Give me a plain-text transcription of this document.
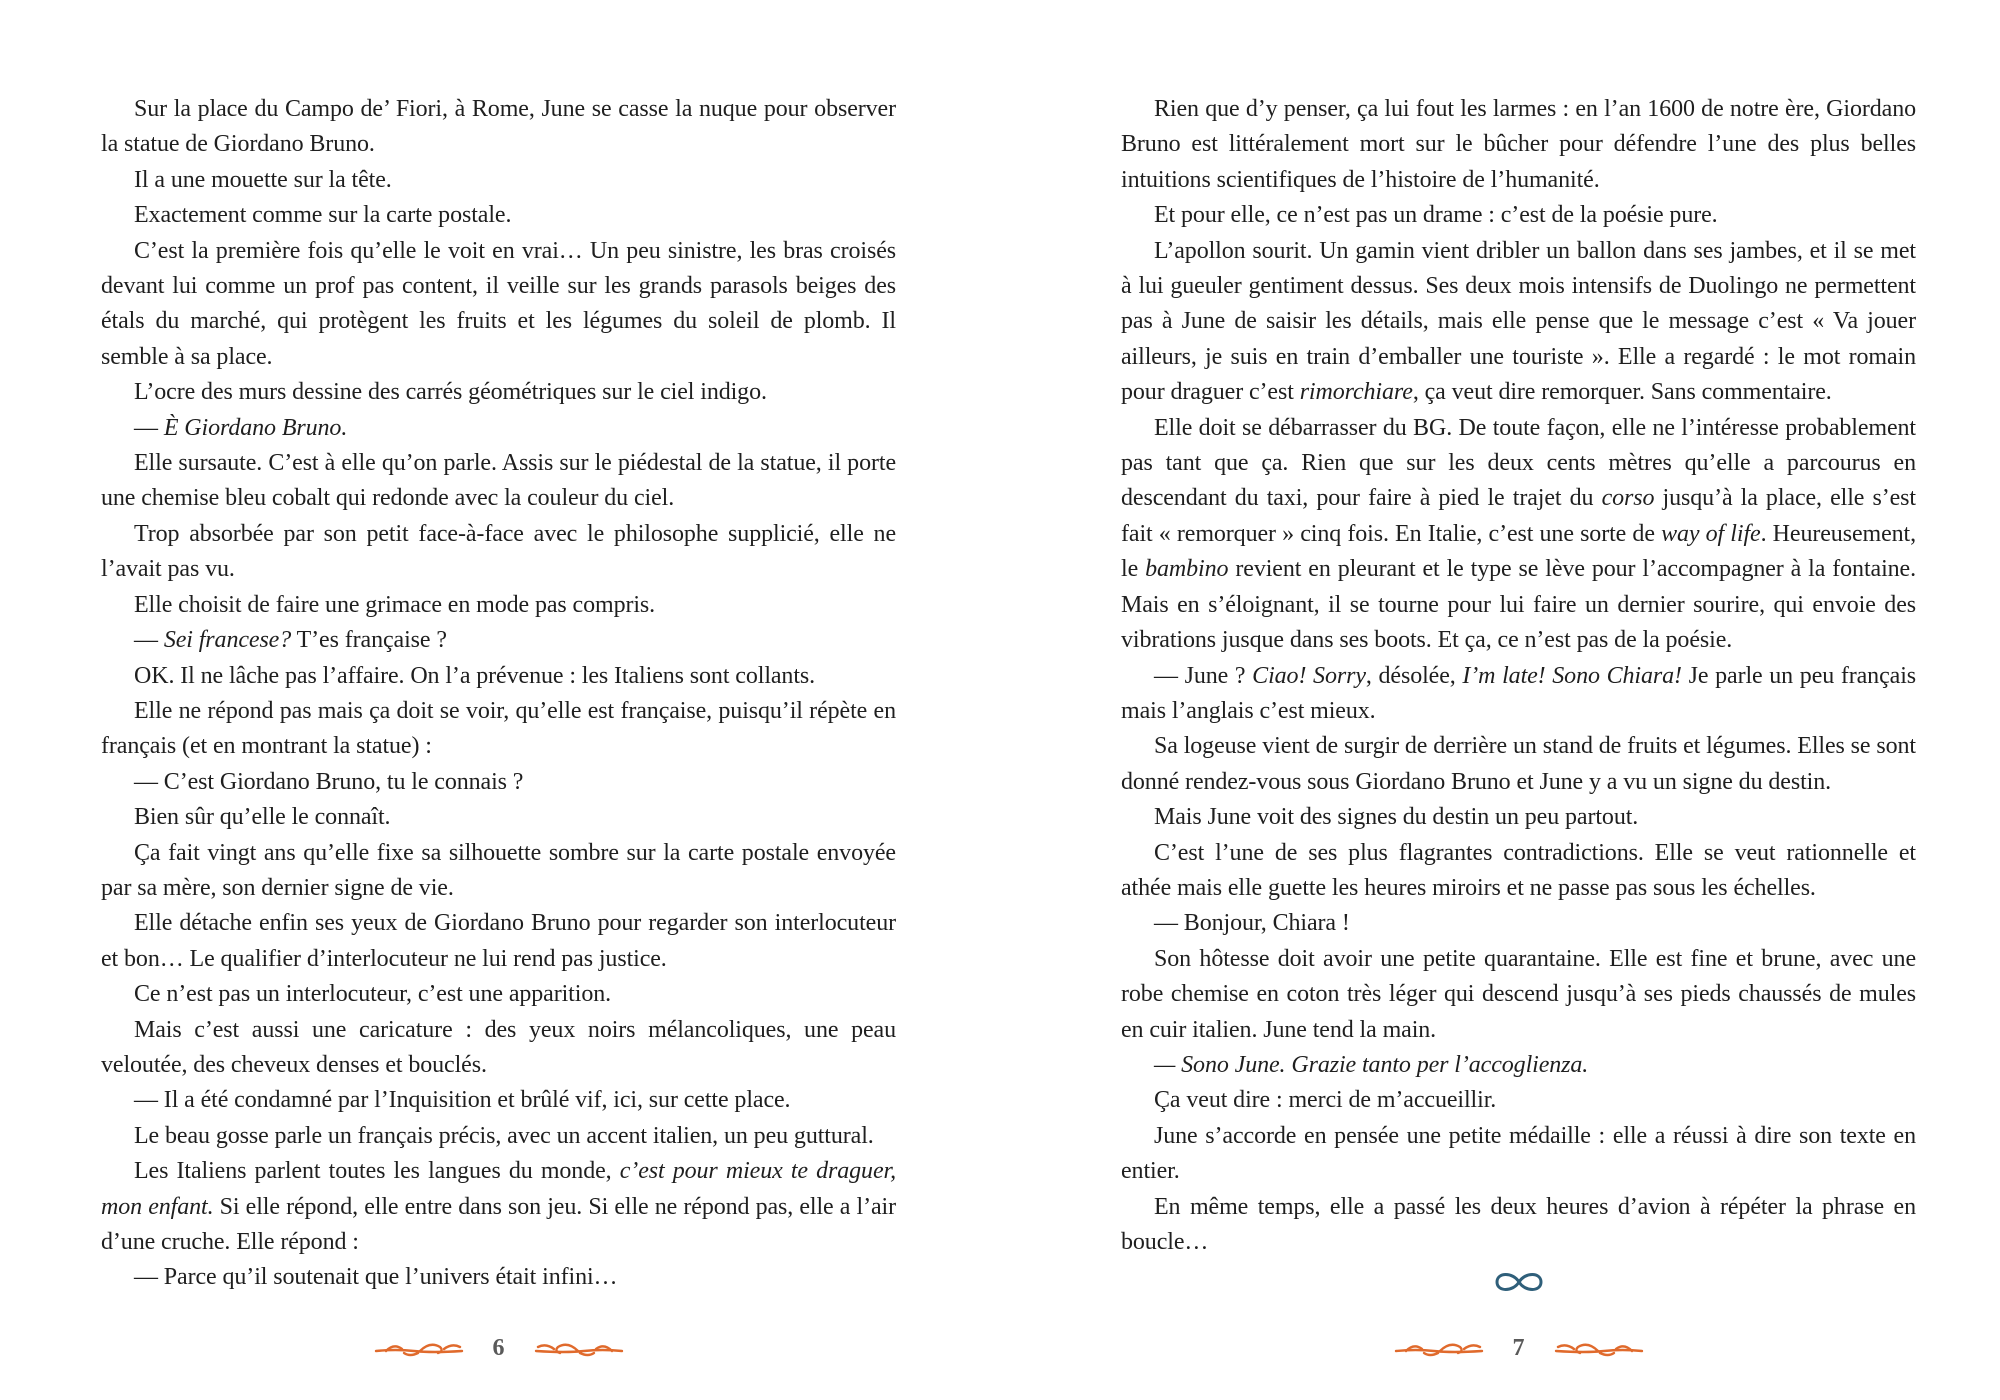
Sur la place du Campo de’ Fiori, à Rome, June se casse la nuque pour observer la statue de Giordano Bruno.

Il a une mouette sur la tête.

Exactement comme sur la carte postale.

C’est la première fois qu’elle le voit en vrai… Un peu sinistre, les bras croisés devant lui comme un prof pas content, il veille sur les grands parasols beiges des étals du marché, qui protègent les fruits et les légumes du soleil de plomb. Il semble à sa place.

L’ocre des murs dessine des carrés géométriques sur le ciel indigo.

— È Giordano Bruno.

Elle sursaute. C’est à elle qu’on parle. Assis sur le piédestal de la statue, il porte une chemise bleu cobalt qui redonde avec la couleur du ciel.

Trop absorbée par son petit face-à-face avec le philosophe supplicié, elle ne l’avait pas vu.

Elle choisit de faire une grimace en mode pas compris.

— Sei francese? T’es française ?

OK. Il ne lâche pas l’affaire. On l’a prévenue : les Italiens sont collants.

Elle ne répond pas mais ça doit se voir, qu’elle est française, puisqu’il répète en français (et en montrant la statue) :

— C’est Giordano Bruno, tu le connais ?

Bien sûr qu’elle le connaît.

Ça fait vingt ans qu’elle fixe sa silhouette sombre sur la carte postale envoyée par sa mère, son dernier signe de vie.

Elle détache enfin ses yeux de Giordano Bruno pour regarder son interlocuteur et bon… Le qualifier d’interlocuteur ne lui rend pas justice.

Ce n’est pas un interlocuteur, c’est une apparition.

Mais c’est aussi une caricature : des yeux noirs mélancoliques, une peau veloutée, des cheveux denses et bouclés.

— Il a été condamné par l’Inquisition et brûlé vif, ici, sur cette place.

Le beau gosse parle un français précis, avec un accent italien, un peu guttural.

Les Italiens parlent toutes les langues du monde, c’est pour mieux te draguer, mon enfant. Si elle répond, elle entre dans son jeu. Si elle ne répond pas, elle a l’air d’une cruche. Elle répond :

— Parce qu’il soutenait que l’univers était infini…

6

Rien que d’y penser, ça lui fout les larmes : en l’an 1600 de notre ère, Giordano Bruno est littéralement mort sur le bûcher pour défendre l’une des plus belles intuitions scientifiques de l’histoire de l’humanité.

Et pour elle, ce n’est pas un drame : c’est de la poésie pure.

L’apollon sourit. Un gamin vient dribler un ballon dans ses jambes, et il se met à lui gueuler gentiment dessus. Ses deux mois intensifs de Duolingo ne permettent pas à June de saisir les détails, mais elle pense que le message c’est « Va jouer ailleurs, je suis en train d’emballer une touriste ». Elle a regardé : le mot romain pour draguer c’est rimorchiare, ça veut dire remorquer. Sans commentaire.

Elle doit se débarrasser du BG. De toute façon, elle ne l’intéresse probablement pas tant que ça. Rien que sur les deux cents mètres qu’elle a parcourus en descendant du taxi, pour faire à pied le trajet du corso jusqu’à la place, elle s’est fait « remorquer » cinq fois. En Italie, c’est une sorte de way of life. Heureusement, le bambino revient en pleurant et le type se lève pour l’accompagner à la fontaine. Mais en s’éloignant, il se tourne pour lui faire un dernier sourire, qui envoie des vibrations jusque dans ses boots. Et ça, ce n’est pas de la poésie.

— June ? Ciao! Sorry, désolée, I’m late! Sono Chiara! Je parle un peu français mais l’anglais c’est mieux.

Sa logeuse vient de surgir de derrière un stand de fruits et légumes. Elles se sont donné rendez-vous sous Giordano Bruno et June y a vu un signe du destin.

Mais June voit des signes du destin un peu partout.

C’est l’une de ses plus flagrantes contradictions. Elle se veut rationnelle et athée mais elle guette les heures miroirs et ne passe pas sous les échelles.

— Bonjour, Chiara !

Son hôtesse doit avoir une petite quarantaine. Elle est fine et brune, avec une robe chemise en coton très léger qui descend jusqu’à ses pieds chaussés de mules en cuir italien. June tend la main.

— Sono June. Grazie tanto per l’accoglienza.

Ça veut dire : merci de m’accueillir.

June s’accorde en pensée une petite médaille : elle a réussi à dire son texte en entier.

En même temps, elle a passé les deux heures d’avion à répéter la phrase en boucle…

7
